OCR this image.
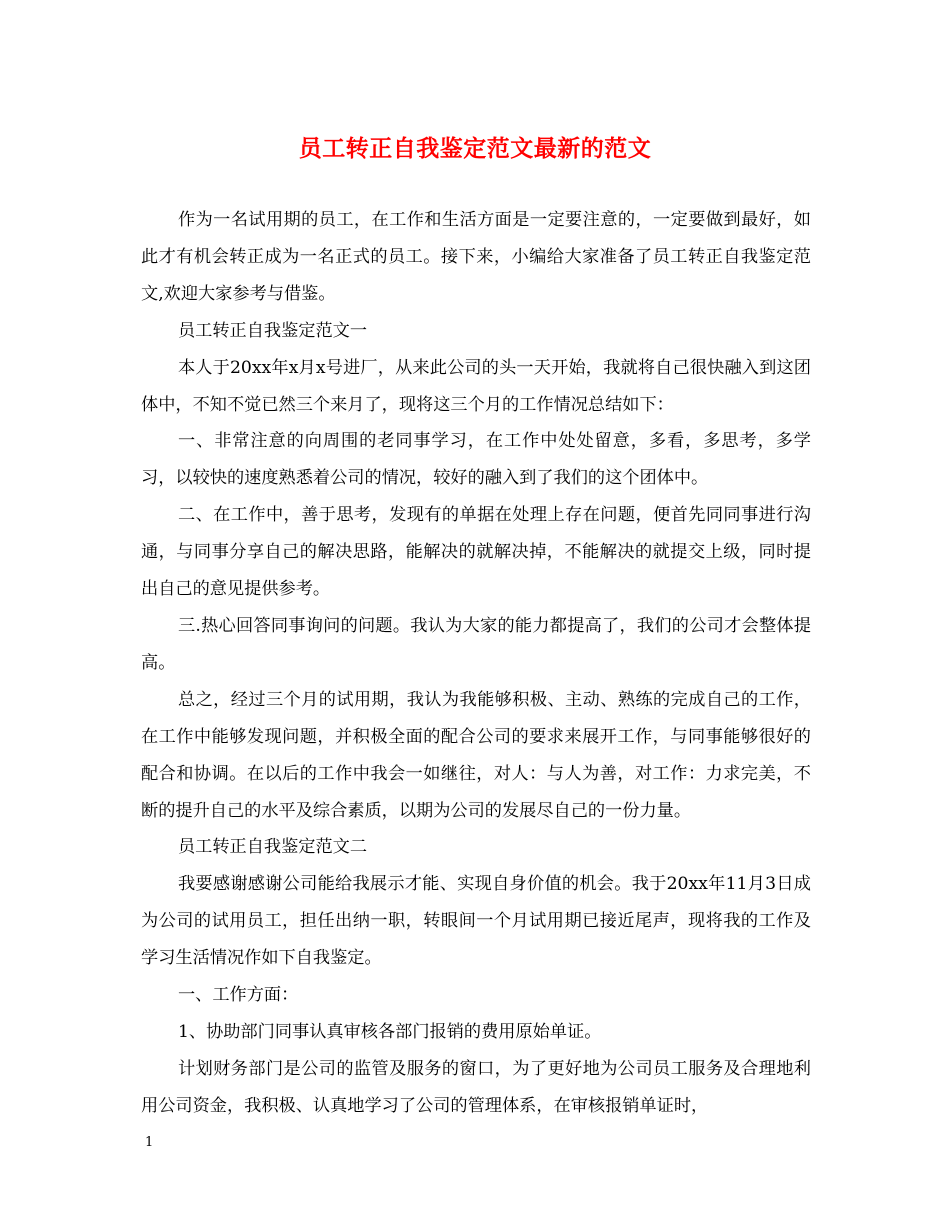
员工转正自我鉴定范文最新的范文

作为一名试用期的员工，在工作和生活方面是一定要注意的，一定要做到最好，如此才有机会转正成为一名正式的员工。接下来，小编给大家准备了员工转正自我鉴定范文,欢迎大家参考与借鉴。

员工转正自我鉴定范文一

本人于20xx年x月x号进厂，从来此公司的头一天开始，我就将自己很快融入到这团体中，不知不觉已然三个来月了，现将这三个月的工作情况总结如下：

一、非常注意的向周围的老同事学习，在工作中处处留意，多看，多思考，多学习，以较快的速度熟悉着公司的情况，较好的融入到了我们的这个团体中。

二、在工作中，善于思考，发现有的单据在处理上存在问题，便首先同同事进行沟通，与同事分享自己的解决思路，能解决的就解决掉，不能解决的就提交上级，同时提出自己的意见提供参考。

三.热心回答同事询问的问题。我认为大家的能力都提高了，我们的公司才会整体提高。

总之，经过三个月的试用期，我认为我能够积极、主动、熟练的完成自己的工作，在工作中能够发现问题，并积极全面的配合公司的要求来展开工作，与同事能够很好的配合和协调。在以后的工作中我会一如继往，对人：与人为善，对工作：力求完美，不断的提升自己的水平及综合素质，以期为公司的发展尽自己的一份力量。

员工转正自我鉴定范文二

我要感谢感谢公司能给我展示才能、实现自身价值的机会。我于20xx年11月3日成为公司的试用员工，担任出纳一职，转眼间一个月试用期已接近尾声，现将我的工作及学习生活情况作如下自我鉴定。

一、工作方面：

1、协助部门同事认真审核各部门报销的费用原始单证。

计划财务部门是公司的监管及服务的窗口，为了更好地为公司员工服务及合理地利用公司资金，我积极、认真地学习了公司的管理体系，在审核报销单证时，

1
